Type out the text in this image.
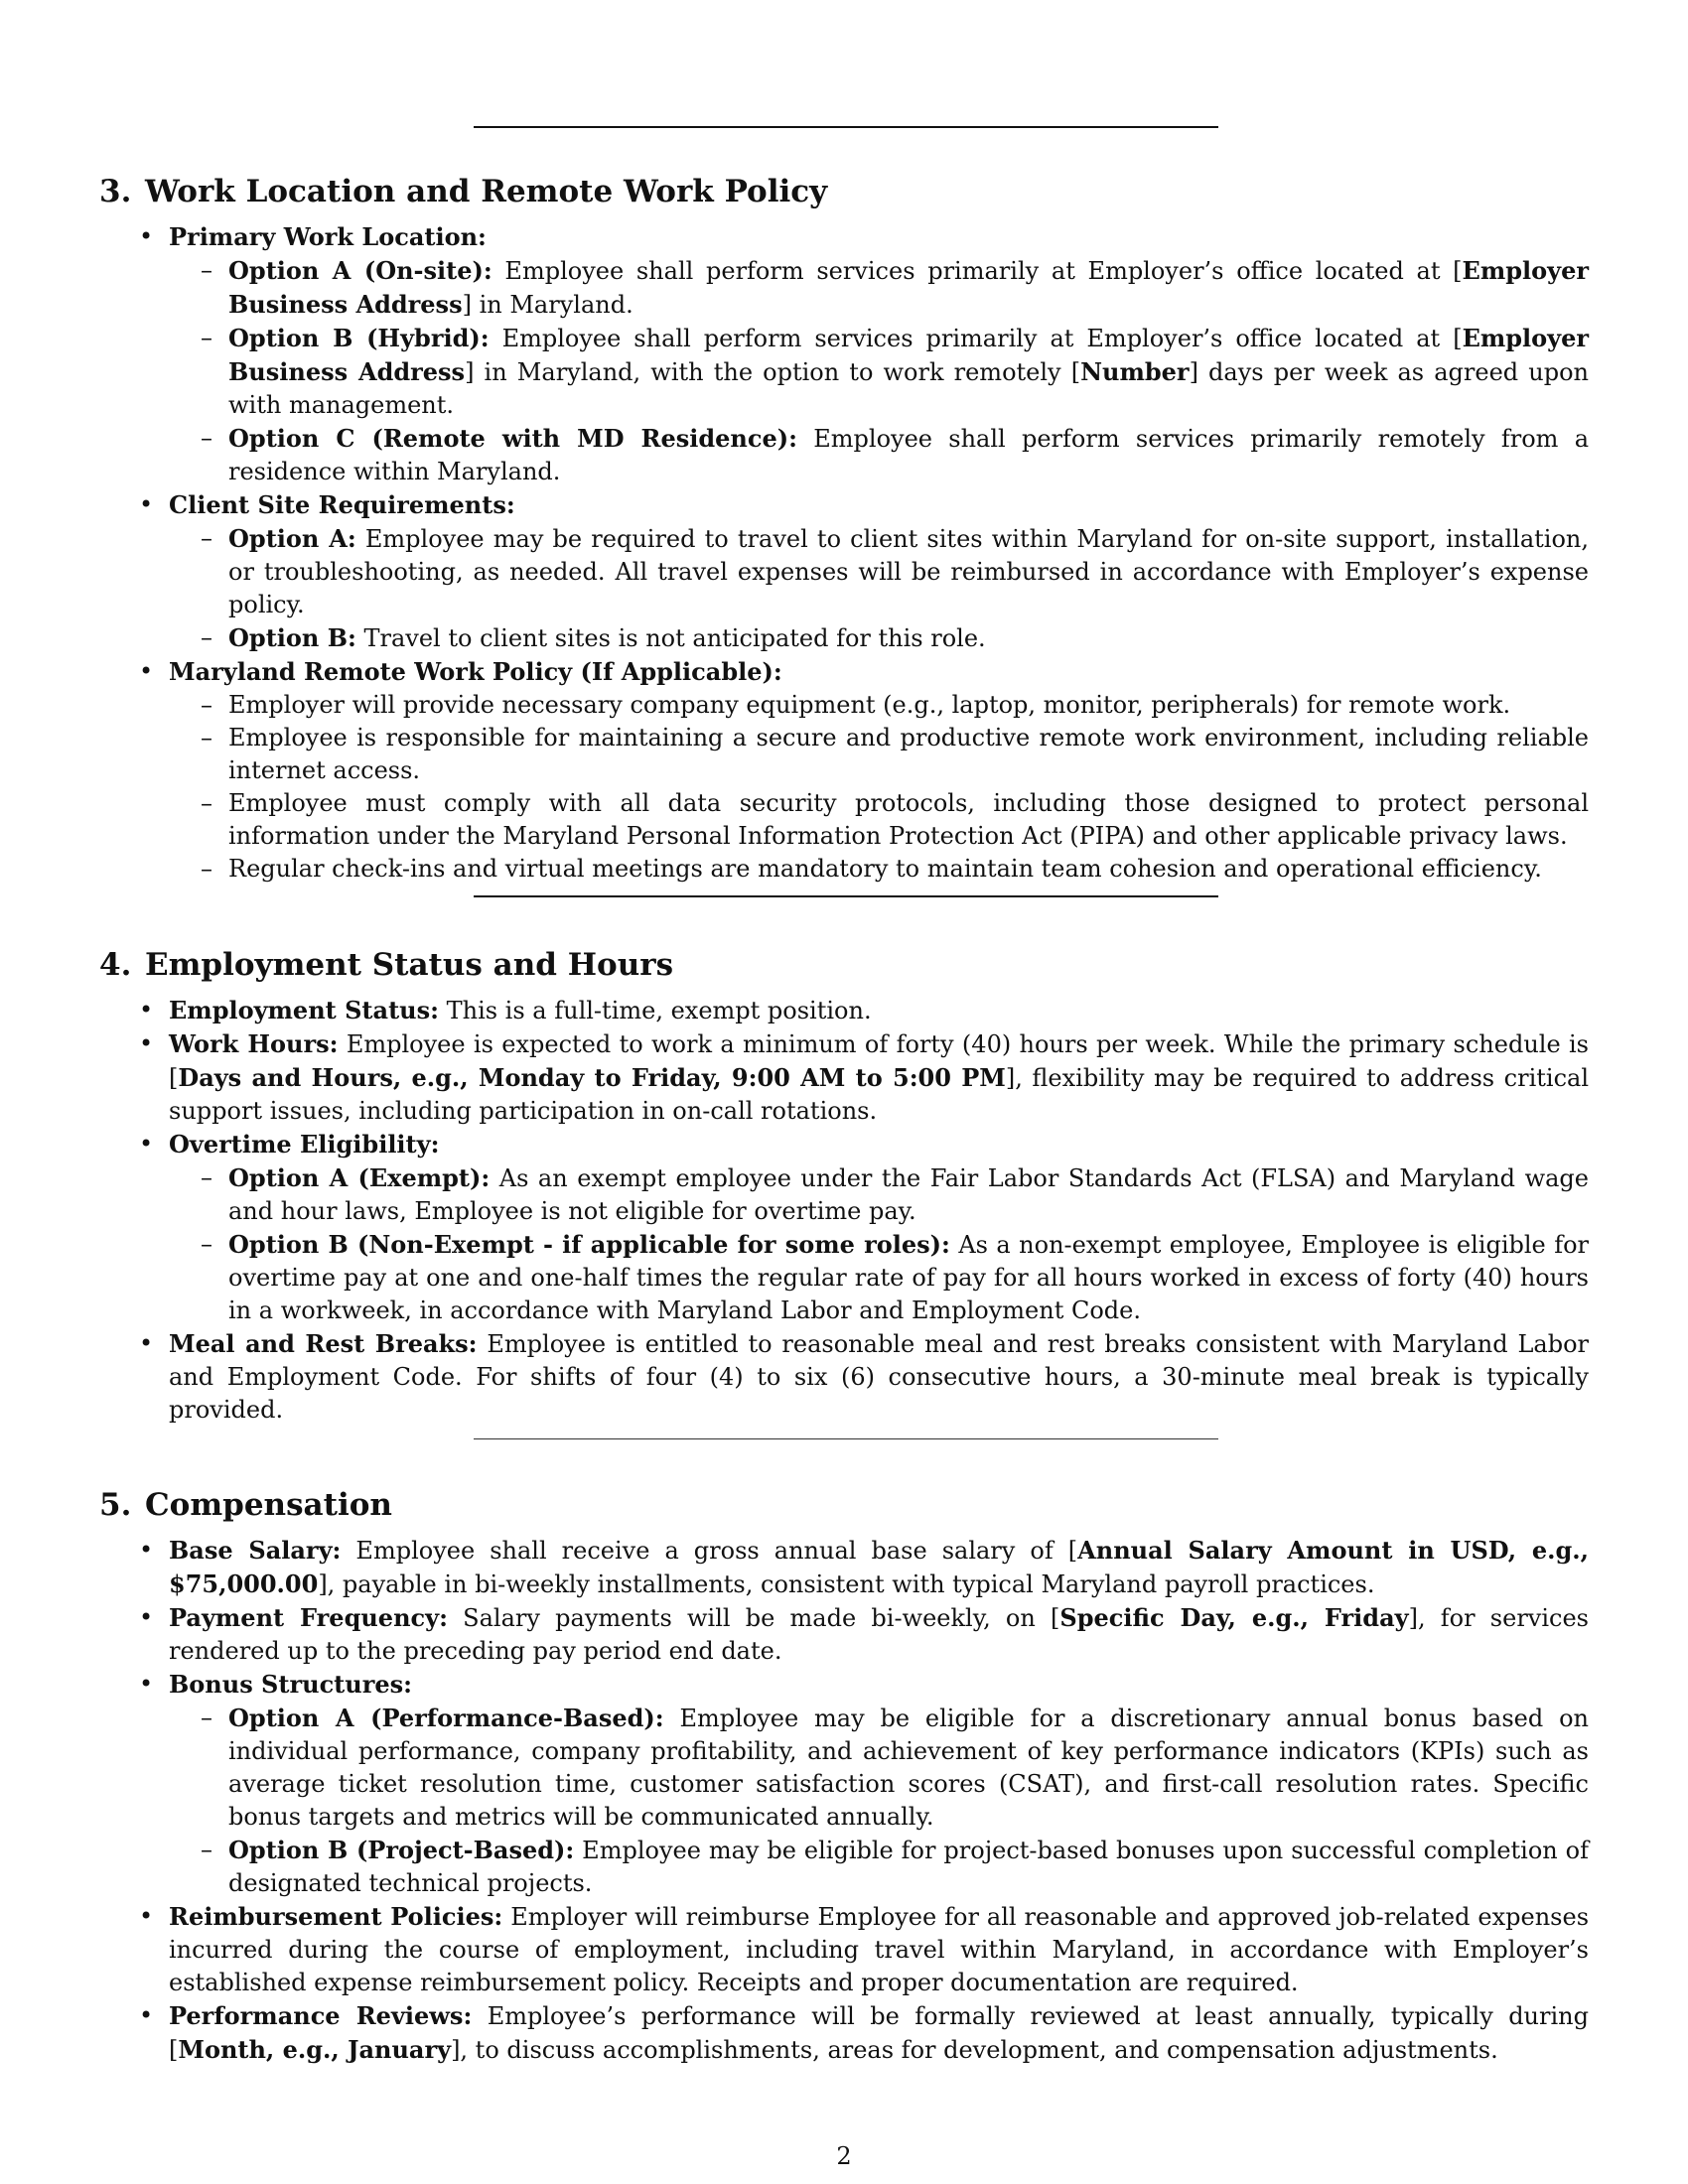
3. Work Location and Remote Work Policy
• Primary Work Location:
– Option A (On-site): Employee shall perform services primarily at Employer’s office located at [Employer Business Address] in Maryland.

– Option B (Hybrid): Employee shall perform services primarily at Employer’s office located at [Employer Business Address] in Maryland, with the option to work remotely [Number] days per week as agreed upon with management.

– Option C (Remote with MD Residence): Employee shall perform services primarily remotely from a residence within Maryland.

• Client Site Requirements:
– Option A: Employee may be required to travel to client sites within Maryland for on-site support, installation, or troubleshooting, as needed. All travel expenses will be reimbursed in accordance with Employer’s expense policy.

– Option B: Travel to client sites is not anticipated for this role.

• Maryland Remote Work Policy (If Applicable):
– Employer will provide necessary company equipment (e.g., laptop, monitor, peripherals) for remote work.

– Employee is responsible for maintaining a secure and productive remote work environment, including reliable internet access.

– Employee must comply with all data security protocols, including those designed to protect personal information under the Maryland Personal Information Protection Act (PIPA) and other applicable privacy laws.

– Regular check-ins and virtual meetings are mandatory to maintain team cohesion and operational efficiency.

4. Employment Status and Hours
• Employment Status: This is a full-time, exempt position.

• Work Hours: Employee is expected to work a minimum of forty (40) hours per week. While the primary schedule is [Days and Hours, e.g., Monday to Friday, 9:00 AM to 5:00 PM], flexibility may be required to address critical support issues, including participation in on-call rotations.

• Overtime Eligibility:
– Option A (Exempt): As an exempt employee under the Fair Labor Standards Act (FLSA) and Maryland wage and hour laws, Employee is not eligible for overtime pay.

– Option B (Non-Exempt - if applicable for some roles): As a non-exempt employee, Employee is eligible for overtime pay at one and one-half times the regular rate of pay for all hours worked in excess of forty (40) hours in a workweek, in accordance with Maryland Labor and Employment Code.

• Meal and Rest Breaks: Employee is entitled to reasonable meal and rest breaks consistent with Maryland Labor and Employment Code. For shifts of four (4) to six (6) consecutive hours, a 30-minute meal break is typically provided.

5. Compensation
• Base Salary: Employee shall receive a gross annual base salary of [Annual Salary Amount in USD, e.g., $75,000.00], payable in bi-weekly installments, consistent with typical Maryland payroll practices.

• Payment Frequency: Salary payments will be made bi-weekly, on [Specific Day, e.g., Friday], for services rendered up to the preceding pay period end date.

• Bonus Structures:
– Option A (Performance-Based): Employee may be eligible for a discretionary annual bonus based on individual performance, company profitability, and achievement of key performance indicators (KPIs) such as average ticket resolution time, customer satisfaction scores (CSAT), and first-call resolution rates. Specific bonus targets and metrics will be communicated annually.

– Option B (Project-Based): Employee may be eligible for project-based bonuses upon successful completion of designated technical projects.

• Reimbursement Policies: Employer will reimburse Employee for all reasonable and approved job-related expenses incurred during the course of employment, including travel within Maryland, in accordance with Employer’s established expense reimbursement policy. Receipts and proper documentation are required.

• Performance Reviews: Employee’s performance will be formally reviewed at least annually, typically during [Month, e.g., January], to discuss accomplishments, areas for development, and compensation adjustments.

2
